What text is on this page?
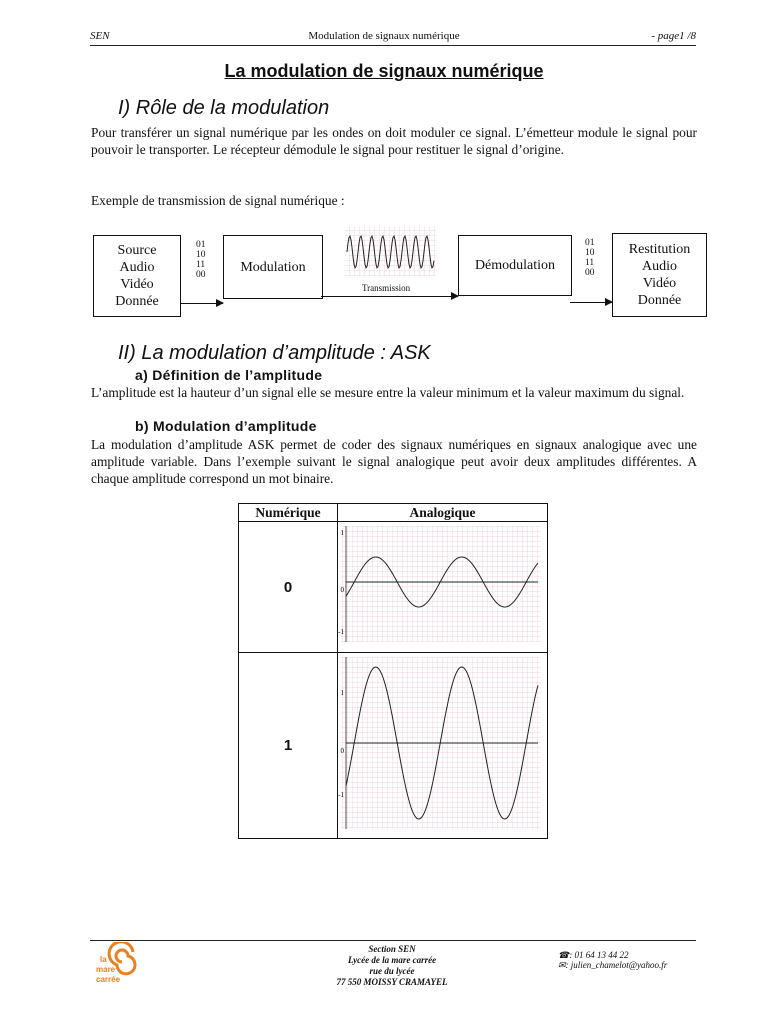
SEN	Modulation de signaux numérique	- page1 /8
La modulation de signaux numérique
I) Rôle de la modulation
Pour transférer un signal numérique par les ondes on doit moduler ce signal. L’émetteur module le signal pour pouvoir le transporter. Le récepteur démodule le signal pour restituer le signal d’origine.
Exemple de transmission de signal numérique :
Source
Audio
Vidéo
Donnée
01
10
11
00
Modulation
Transmission
Démodulation
01
10
11
00
Restitution
Audio
Vidéo
Donnée
II) La modulation d’amplitude : ASK
a) Définition de l’amplitude
L’amplitude est la hauteur d’un signal elle se mesure entre la valeur minimum et la valeur maximum du signal.
b) Modulation d’amplitude
La modulation d’amplitude ASK permet de coder des signaux numériques en signaux analogique avec une amplitude variable. Dans l’exemple suivant le signal analogique peut avoir deux amplitudes différentes. A chaque amplitude correspond un mot binaire.
Numérique	Analogique
0	1
0
-1

1	1
0
-1
la
mare
carrée
Section SEN
Lycée de la mare carrée
rue du lycée
77 550 MOISSY CRAMAYEL
☎: 01 64 13 44 22
✉: julien_chamelot@yahoo.fr
